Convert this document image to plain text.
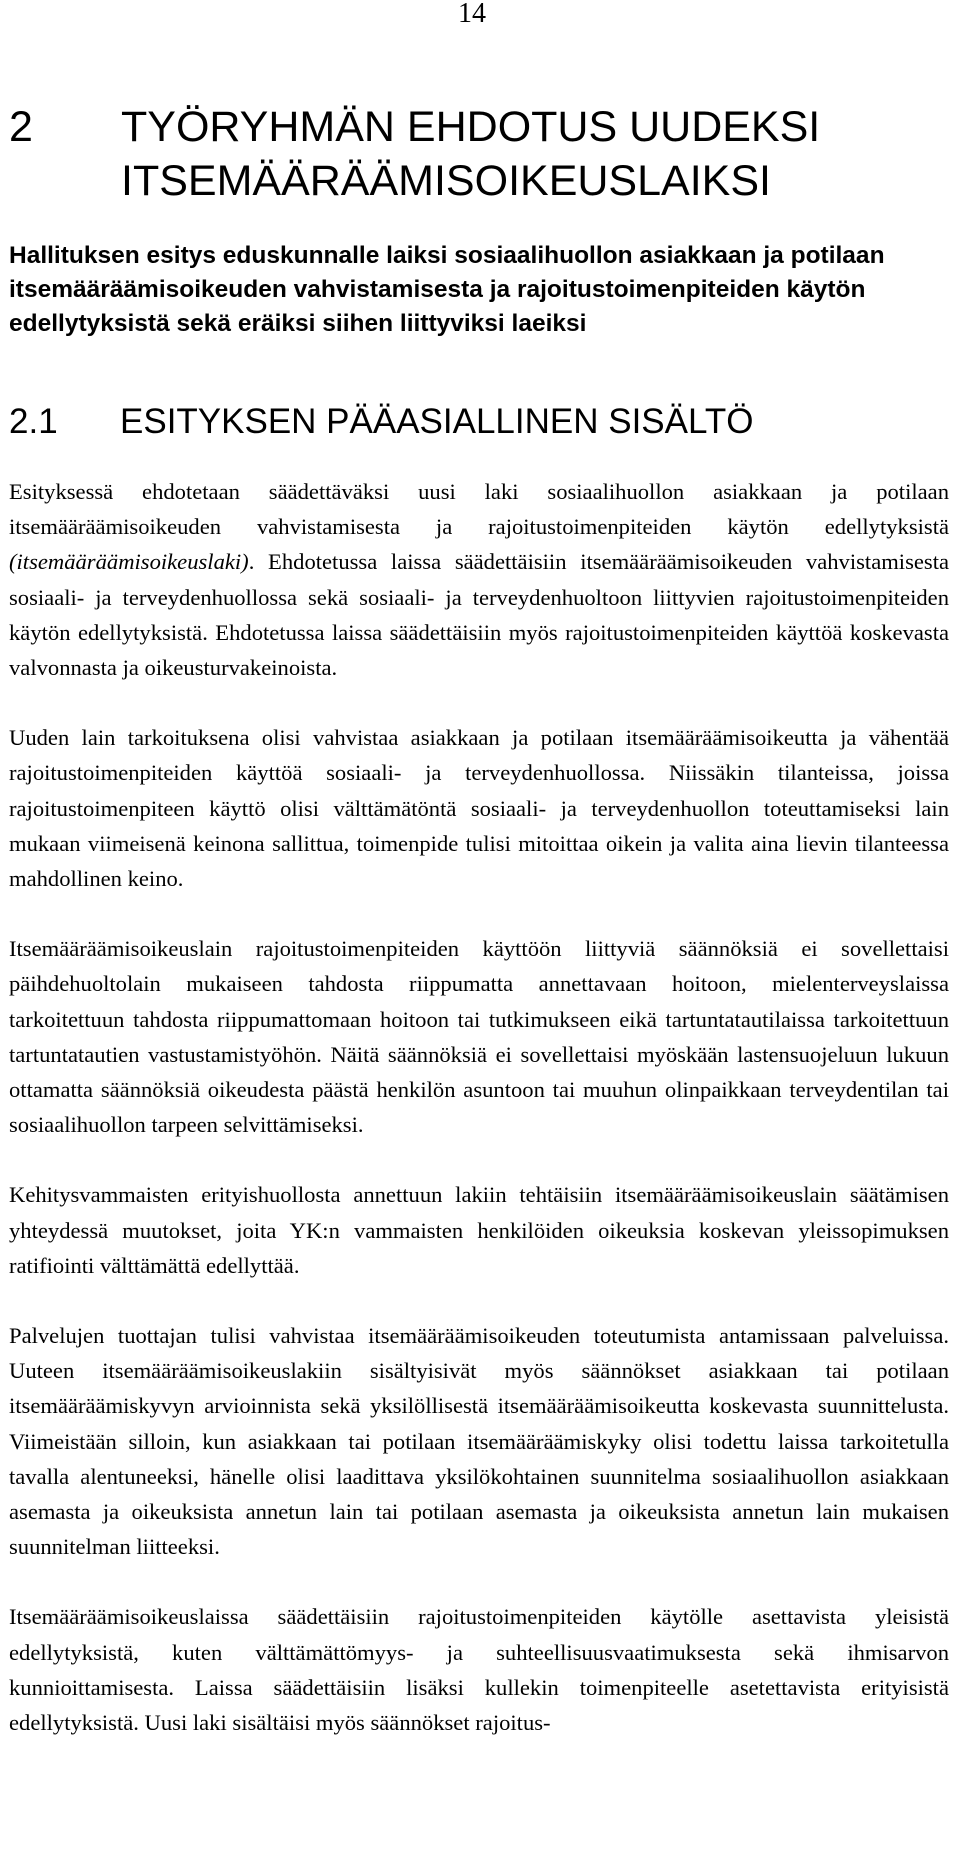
14
2	TYÖRYHMÄN EHDOTUS UUDEKSI ITSEMÄÄRÄÄMISOIKEUSLAIKSI
Hallituksen esitys eduskunnalle laiksi sosiaalihuollon asiakkaan ja potilaan itsemääräämisoikeuden vahvistamisesta ja rajoitustoimenpiteiden käytön edellytyksistä sekä eräiksi siihen liittyviksi laeiksi
2.1	ESITYKSEN PÄÄASIALLINEN SISÄLTÖ

Esityksessä ehdotetaan säädettäväksi uusi laki sosiaalihuollon asiakkaan ja potilaan itsemääräämisoikeuden vahvistamisesta ja rajoitustoimenpiteiden käytön edellytyksistä (itsemääräämisoikeuslaki). Ehdotetussa laissa säädettäisiin itsemääräämisoikeuden vahvistamisesta sosiaali- ja terveydenhuollossa sekä sosiaali- ja terveydenhuoltoon liittyvien rajoitustoimenpiteiden käytön edellytyksistä. Ehdotetussa laissa säädettäisiin myös rajoitustoimenpiteiden käyttöä koskevasta valvonnasta ja oikeusturvakeinoista.

Uuden lain tarkoituksena olisi vahvistaa asiakkaan ja potilaan itsemääräämisoikeutta ja vähentää rajoitustoimenpiteiden käyttöä sosiaali- ja terveydenhuollossa. Niissäkin tilanteissa, joissa rajoitustoimenpiteen käyttö olisi välttämätöntä sosiaali- ja terveydenhuollon toteuttamiseksi lain mukaan viimeisenä keinona sallittua, toimenpide tulisi mitoittaa oikein ja valita aina lievin tilanteessa mahdollinen keino.

Itsemääräämisoikeuslain rajoitustoimenpiteiden käyttöön liittyviä säännöksiä ei sovellettaisi päihdehuoltolain mukaiseen tahdosta riippumatta annettavaan hoitoon, mielenterveyslaissa tarkoitettuun tahdosta riippumattomaan hoitoon tai tutkimukseen eikä tartuntatautilaissa tarkoitettuun tartuntatautien vastustamistyöhön. Näitä säännöksiä ei sovellettaisi myöskään lastensuojeluun lukuun ottamatta säännöksiä oikeudesta päästä henkilön asuntoon tai muuhun olinpaikkaan terveydentilan tai sosiaalihuollon tarpeen selvittämiseksi.

Kehitysvammaisten erityishuollosta annettuun lakiin tehtäisiin itsemääräämisoikeuslain säätämisen yhteydessä muutokset, joita YK:n vammaisten henkilöiden oikeuksia koskevan yleissopimuksen ratifiointi välttämättä edellyttää.

Palvelujen tuottajan tulisi vahvistaa itsemääräämisoikeuden toteutumista antamissaan palveluissa. Uuteen itsemääräämisoikeuslakiin sisältyisivät myös säännökset asiakkaan tai potilaan itsemääräämiskyvyn arvioinnista sekä yksilöllisestä itsemääräämisoikeutta koskevasta suunnittelusta. Viimeistään silloin, kun asiakkaan tai potilaan itsemääräämiskyky olisi todettu laissa tarkoitetulla tavalla alentuneeksi, hänelle olisi laadittava yksilökohtainen suunnitelma sosiaalihuollon asiakkaan asemasta ja oikeuksista annetun lain tai potilaan asemasta ja oikeuksista annetun lain mukaisen suunnitelman liitteeksi.

Itsemääräämisoikeuslaissa säädettäisiin rajoitustoimenpiteiden käytölle asettavista yleisistä edellytyksistä, kuten välttämättömyys- ja suhteellisuusvaatimuksesta sekä ihmisarvon kunnioittamisesta. Laissa säädettäisiin lisäksi kullekin toimenpiteelle asetettavista erityisistä edellytyksistä. Uusi laki sisältäisi myös säännökset rajoitus-
